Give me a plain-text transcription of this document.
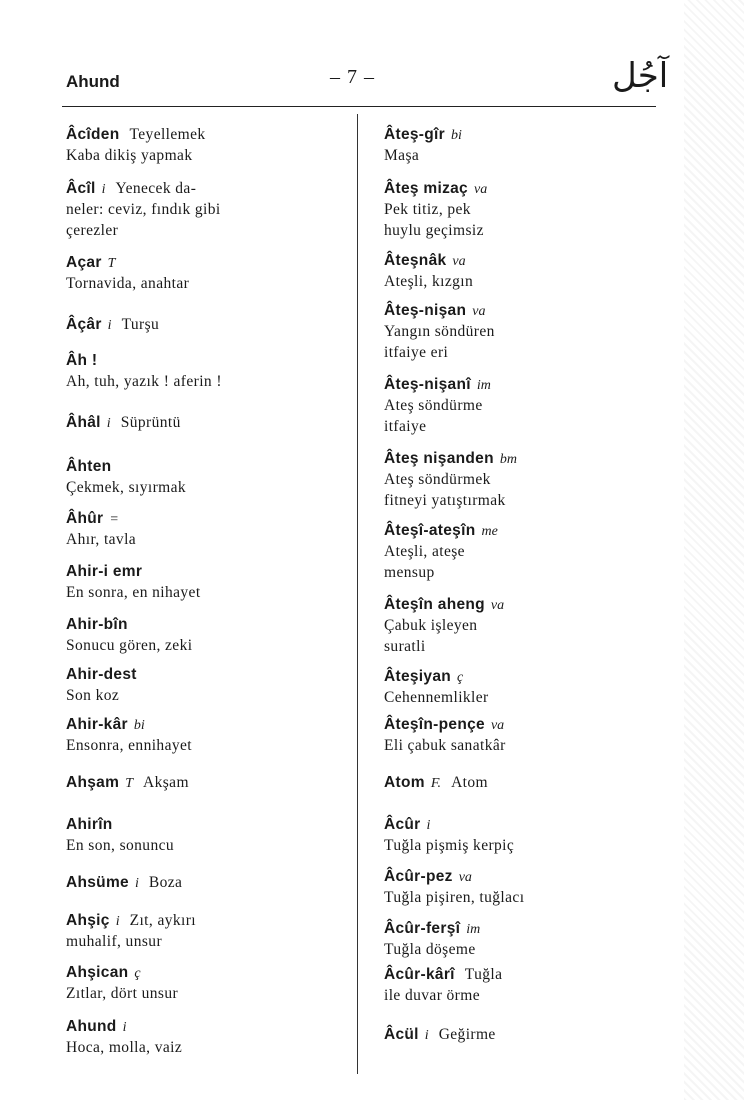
Ahund	– 7 –	آجُل
Âcîden Teyellemek
Kaba dikiş yapmak
Âcîl i Yenecek da-
neler: ceviz, fındık gibi
çerezler
Açar T
Tornavida, anahtar
Âçâr i Turşu
Âh !
Ah, tuh, yazık ! aferin !
Âhâl i Süprüntü
Âhten
Çekmek, sıyırmak
Âhûr =
Ahır, tavla
Ahir-i emr
En sonra, en nihayet
Ahir-bîn
Sonucu gören, zeki
Ahir-dest
Son koz
Ahir-kâr bi
Ensonra, ennihayet
Ahşam T Akşam
Ahirîn
En son, sonuncu
Ahsüme i Boza
Ahşiç i Zıt, aykırı
muhalif, unsur
Ahşican ç
Zıtlar, dört unsur
Ahund i
Hoca, molla, vaiz
Âteş-gîr bi
Maşa
Âteş mizaç va
Pek titiz, pek
huylu geçimsiz
Âteşnâk va
Ateşli, kızgın
Âteş-nişan va
Yangın söndüren
itfaiye eri
Âteş-nişanî im
Ateş söndürme
itfaiye
Âteş nişanden bm
Ateş söndürmek
fitneyi yatıştırmak
Âteşî-ateşîn me
Ateşli, ateşe
mensup
Âteşîn aheng va
Çabuk işleyen
suratli
Âteşiyan ç
Cehennemlikler
Âteşîn-pençe va
Eli çabuk sanatkâr
Atom F. Atom
Âcûr i
Tuğla pişmiş kerpiç
Âcûr-pez va
Tuğla pişiren, tuğlacı
Âcûr-ferşî im
Tuğla döşeme
Âcûr-kârî Tuğla
ile duvar örme
Âcül i Geğirme
